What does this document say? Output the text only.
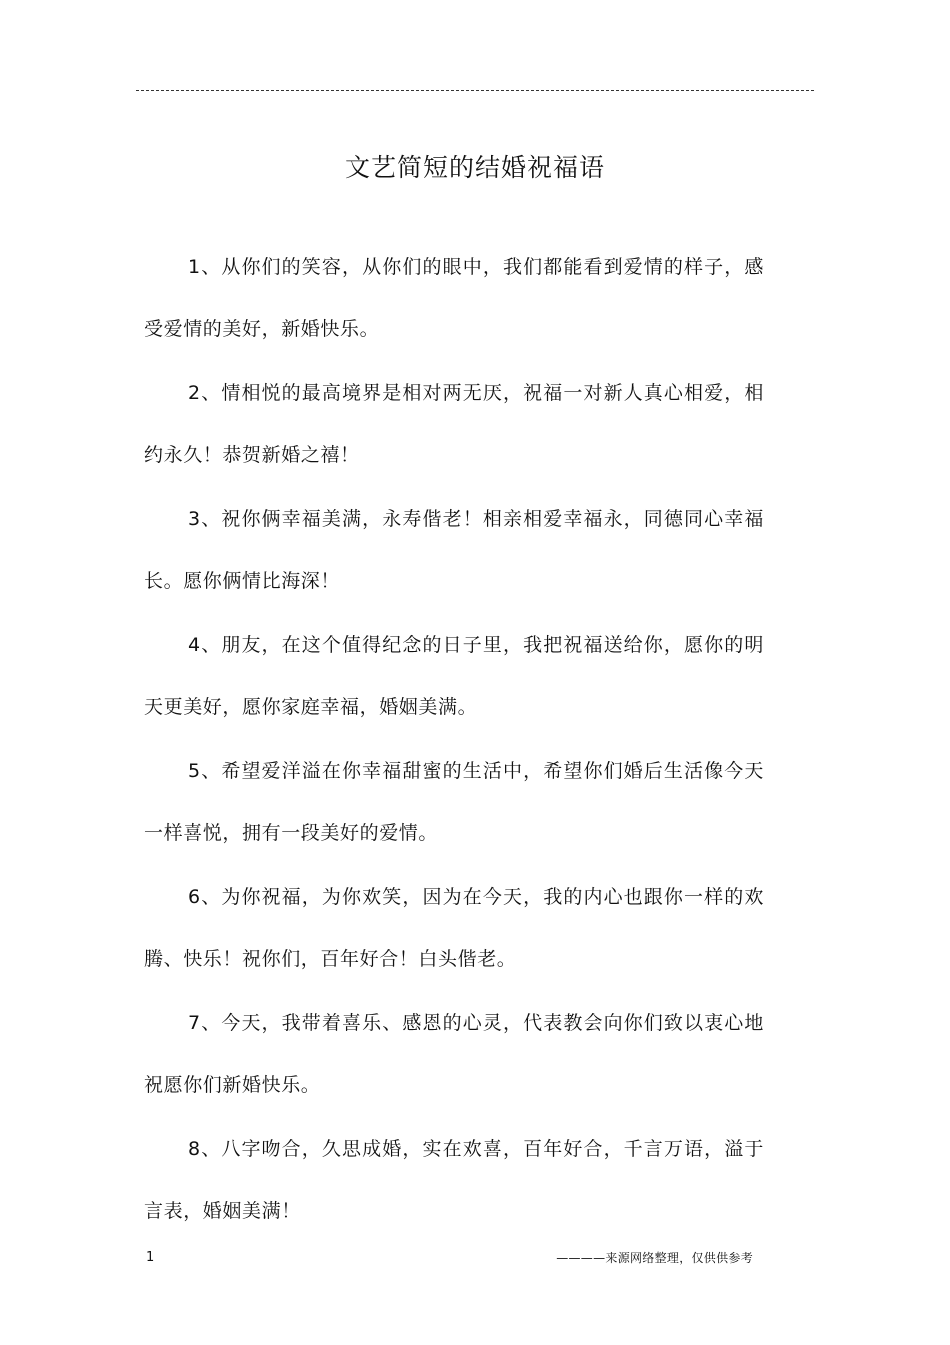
文艺简短的结婚祝福语

1、从你们的笑容，从你们的眼中，我们都能看到爱情的样子，感受爱情的美好，新婚快乐。

2、情相悦的最高境界是相对两无厌，祝福一对新人真心相爱，相约永久！恭贺新婚之禧！

3、祝你俩幸福美满，永寿偕老！相亲相爱幸福永，同德同心幸福长。愿你俩情比海深！

4、朋友，在这个值得纪念的日子里，我把祝福送给你，愿你的明天更美好，愿你家庭幸福，婚姻美满。

5、希望爱洋溢在你幸福甜蜜的生活中，希望你们婚后生活像今天一样喜悦，拥有一段美好的爱情。

6、为你祝福，为你欢笑，因为在今天，我的内心也跟你一样的欢腾、快乐！祝你们，百年好合！白头偕老。

7、今天，我带着喜乐、感恩的心灵，代表教会向你们致以衷心地祝愿你们新婚快乐。

8、八字吻合，久思成婚，实在欢喜，百年好合，千言万语，溢于言表，婚姻美满！

1	————来源网络整理，仅供供参考
